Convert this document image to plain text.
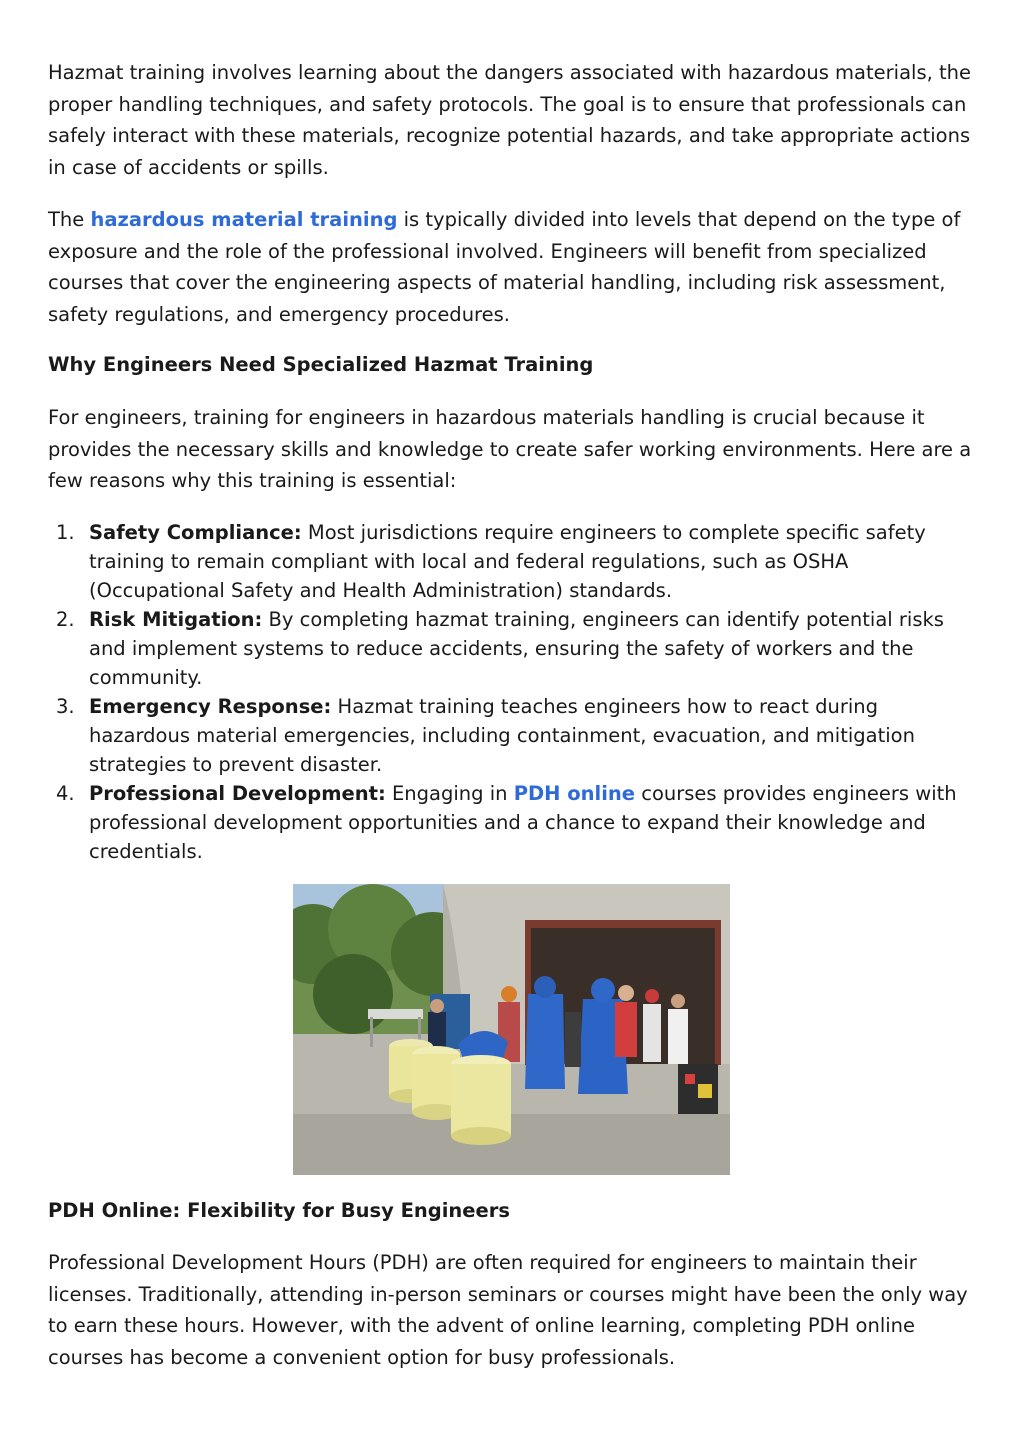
Hazmat training involves learning about the dangers associated with hazardous materials, the proper handling techniques, and safety protocols. The goal is to ensure that professionals can safely interact with these materials, recognize potential hazards, and take appropriate actions in case of accidents or spills.

The hazardous material training is typically divided into levels that depend on the type of exposure and the role of the professional involved. Engineers will benefit from specialized courses that cover the engineering aspects of material handling, including risk assessment, safety regulations, and emergency procedures.

Why Engineers Need Specialized Hazmat Training

For engineers, training for engineers in hazardous materials handling is crucial because it provides the necessary skills and knowledge to create safer working environments. Here are a few reasons why this training is essential:

1. Safety Compliance: Most jurisdictions require engineers to complete specific safety training to remain compliant with local and federal regulations, such as OSHA (Occupational Safety and Health Administration) standards.
2. Risk Mitigation: By completing hazmat training, engineers can identify potential risks and implement systems to reduce accidents, ensuring the safety of workers and the community.
3. Emergency Response: Hazmat training teaches engineers how to react during hazardous material emergencies, including containment, evacuation, and mitigation strategies to prevent disaster.
4. Professional Development: Engaging in PDH online courses provides engineers with professional development opportunities and a chance to expand their knowledge and credentials.
PDH Online: Flexibility for Busy Engineers

Professional Development Hours (PDH) are often required for engineers to maintain their licenses. Traditionally, attending in-person seminars or courses might have been the only way to earn these hours. However, with the advent of online learning, completing PDH online courses has become a convenient option for busy professionals.
